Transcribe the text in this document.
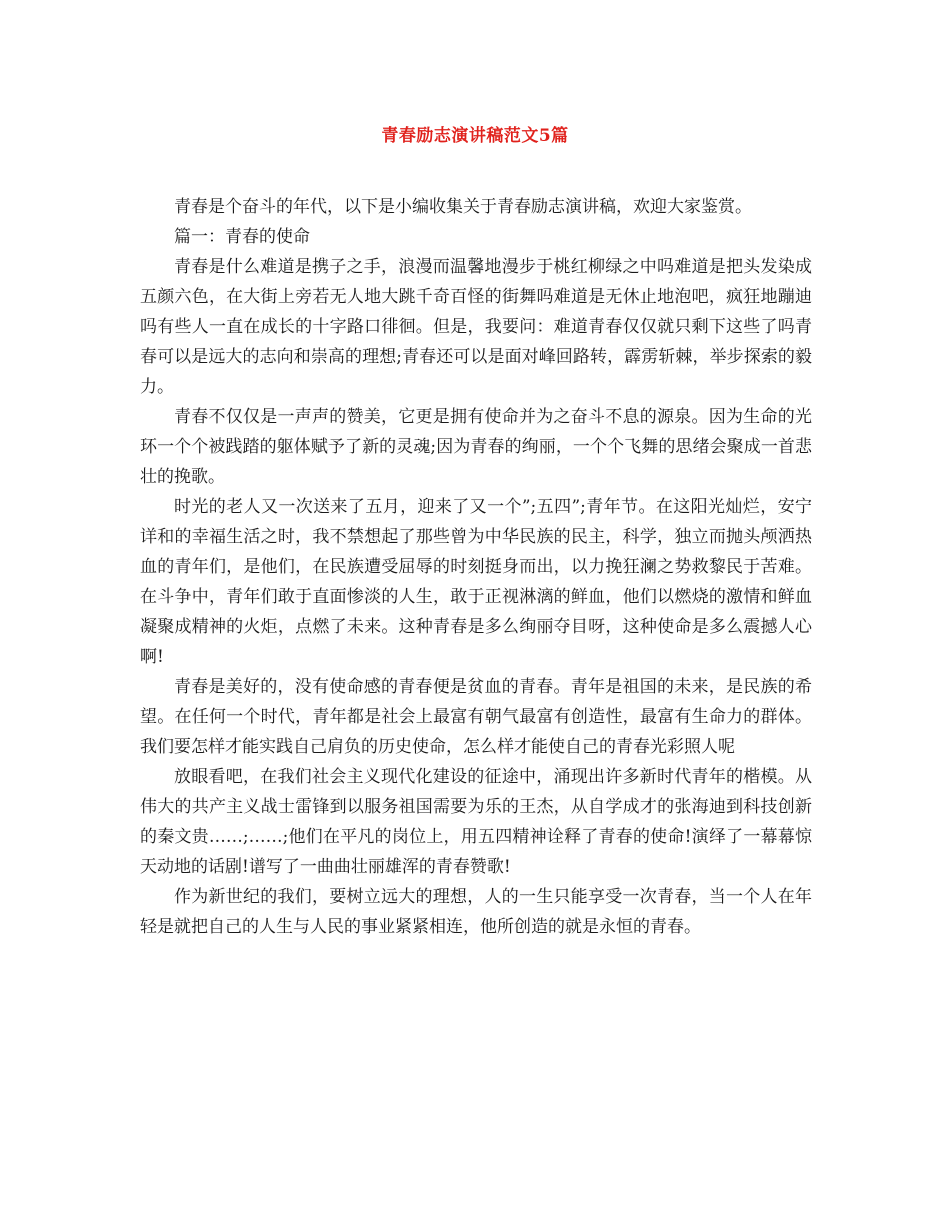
青春励志演讲稿范文5篇

青春是个奋斗的年代，以下是小编收集关于青春励志演讲稿，欢迎大家鉴赏。

篇一：青春的使命

青春是什么难道是携子之手，浪漫而温馨地漫步于桃红柳绿之中吗难道是把头发染成五颜六色，在大街上旁若无人地大跳千奇百怪的街舞吗难道是无休止地泡吧，疯狂地蹦迪吗有些人一直在成长的十字路口徘徊。但是，我要问：难道青春仅仅就只剩下这些了吗青春可以是远大的志向和崇高的理想;青春还可以是面对峰回路转，霹雳斩棘，举步探索的毅力。

青春不仅仅是一声声的赞美，它更是拥有使命并为之奋斗不息的源泉。因为生命的光环一个个被践踏的躯体赋予了新的灵魂;因为青春的绚丽，一个个飞舞的思绪会聚成一首悲壮的挽歌。

时光的老人又一次送来了五月，迎来了又一个”;五四”;青年节。在这阳光灿烂，安宁详和的幸福生活之时，我不禁想起了那些曾为中华民族的民主，科学，独立而抛头颅洒热血的青年们，是他们，在民族遭受屈辱的时刻挺身而出，以力挽狂澜之势救黎民于苦难。在斗争中，青年们敢于直面惨淡的人生，敢于正视淋漓的鲜血，他们以燃烧的激情和鲜血凝聚成精神的火炬，点燃了未来。这种青春是多么绚丽夺目呀，这种使命是多么震撼人心啊!

青春是美好的，没有使命感的青春便是贫血的青春。青年是祖国的未来，是民族的希望。在任何一个时代，青年都是社会上最富有朝气最富有创造性，最富有生命力的群体。我们要怎样才能实践自己肩负的历史使命，怎么样才能使自己的青春光彩照人呢

放眼看吧，在我们社会主义现代化建设的征途中，涌现出许多新时代青年的楷模。从伟大的共产主义战士雷锋到以服务祖国需要为乐的王杰，从自学成才的张海迪到科技创新的秦文贵……;……;他们在平凡的岗位上，用五四精神诠释了青春的使命!演绎了一幕幕惊天动地的话剧!谱写了一曲曲壮丽雄浑的青春赞歌!

作为新世纪的我们，要树立远大的理想，人的一生只能享受一次青春，当一个人在年轻是就把自己的人生与人民的事业紧紧相连，他所创造的就是永恒的青春。
